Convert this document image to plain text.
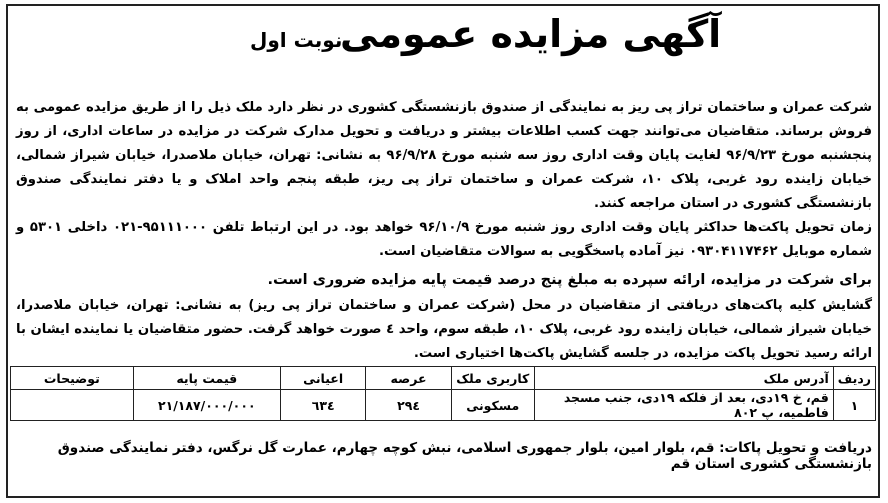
آگهی مزایده عمومی
نوبت اول
شرکت عمران و ساختمان تراز پی ریز به نمایندگی از صندوق بازنشستگی کشوری در نظر دارد ملک ذیل را از طریق مزایده عمومی به فروش برساند. متقاضیان می‌توانند جهت کسب اطلاعات بیشتر و دریافت و تحویل مدارک شرکت در مزایده در ساعات اداری، از روز پنجشنبه مورخ ۹۶/۹/۲۳ لغایت پایان وقت اداری روز سه شنبه مورخ ۹۶/۹/۲۸ به نشانی: تهران، خیابان ملاصدرا، خیابان شیراز شمالی، خیابان زاینده رود غربی، پلاک ۱۰، شرکت عمران و ساختمان تراز پی ریز، طبقه پنجم واحد املاک و یا دفتر نمایندگی صندوق بازنشستگی کشوری در استان مراجعه کنند.
زمان تحویل پاکت‌ها حداکثر پایان وقت اداری روز شنبه مورخ ۹۶/۱۰/۹ خواهد بود. در این ارتباط تلفن ۹۵۱۱۱۰۰۰-۰۲۱ داخلی ۵۳۰۱ و شماره موبایل ۰۹۳۰۴۱۱۷۴۶۲ نیز آماده پاسخگویی به سوالات متقاضیان است.
برای شرکت در مزایده، ارائه سپرده به مبلغ پنج درصد قیمت پایه مزایده ضروری است.
گشایش کلیه پاکت‌های دریافتی از متقاضیان در محل (شرکت عمران و ساختمان تراز پی ریز) به نشانی: تهران، خیابان ملاصدرا، خیابان شیراز شمالی، خیابان زاینده رود غربی، پلاک ۱۰، طبقه سوم، واحد ٤ صورت خواهد گرفت. حضور متقاضیان یا نماینده ایشان با ارائه رسید تحویل پاکت مزایده، در جلسه گشایش پاکت‌ها اختیاری است.
ردیف	آدرس ملک	کاربری ملک	عرصه	اعیانی	قیمت پایه	توضیحات
۱	قم، خ ۱۹دی، بعد از فلکه ۱۹دی، جنب مسجد فاطمیه، پ ۸۰۲	مسکونی	۲۹٤	٦۳٤	۲۱/۱۸۷/۰۰۰/۰۰۰	
دریافت و تحویل پاکات: قم، بلوار امین، بلوار جمهوری اسلامی، نبش کوچه چهارم، عمارت گل نرگس، دفتر نمایندگی صندوق بازنشستگی کشوری استان قم
